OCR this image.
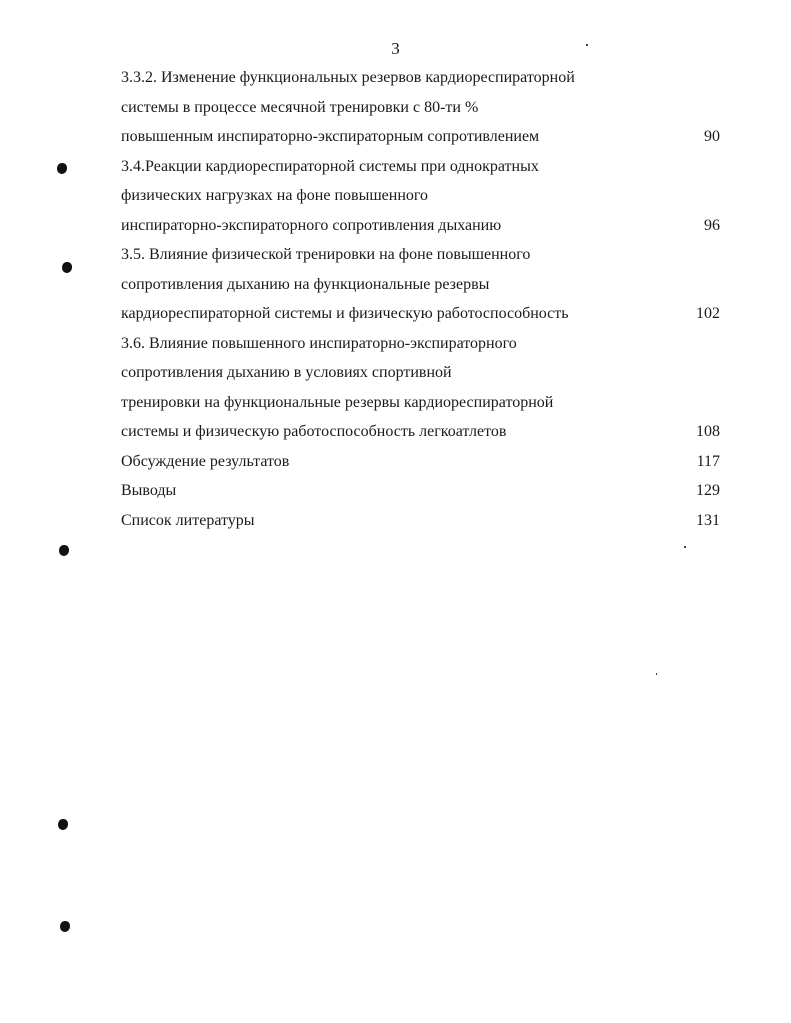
3
3.3.2. Изменение функциональных резервов кардиореспираторной
системы в процессе месячной тренировки с 80-ти %
повышенным инспираторно-экспираторным сопротивлением	90
3.4.Реакции кардиореспираторной системы при однократных
физических нагрузках на фоне повышенного
инспираторно-экспираторного сопротивления дыханию	96
3.5. Влияние физической тренировки на фоне повышенного
сопротивления дыханию на функциональные резервы
кардиореспираторной системы и физическую работоспособность	102
3.6. Влияние повышенного инспираторно-экспираторного
сопротивления дыханию в условиях спортивной
тренировки на функциональные резервы кардиореспираторной
системы и физическую работоспособность легкоатлетов	108
Обсуждение результатов	117
Выводы	129
Список литературы	131
